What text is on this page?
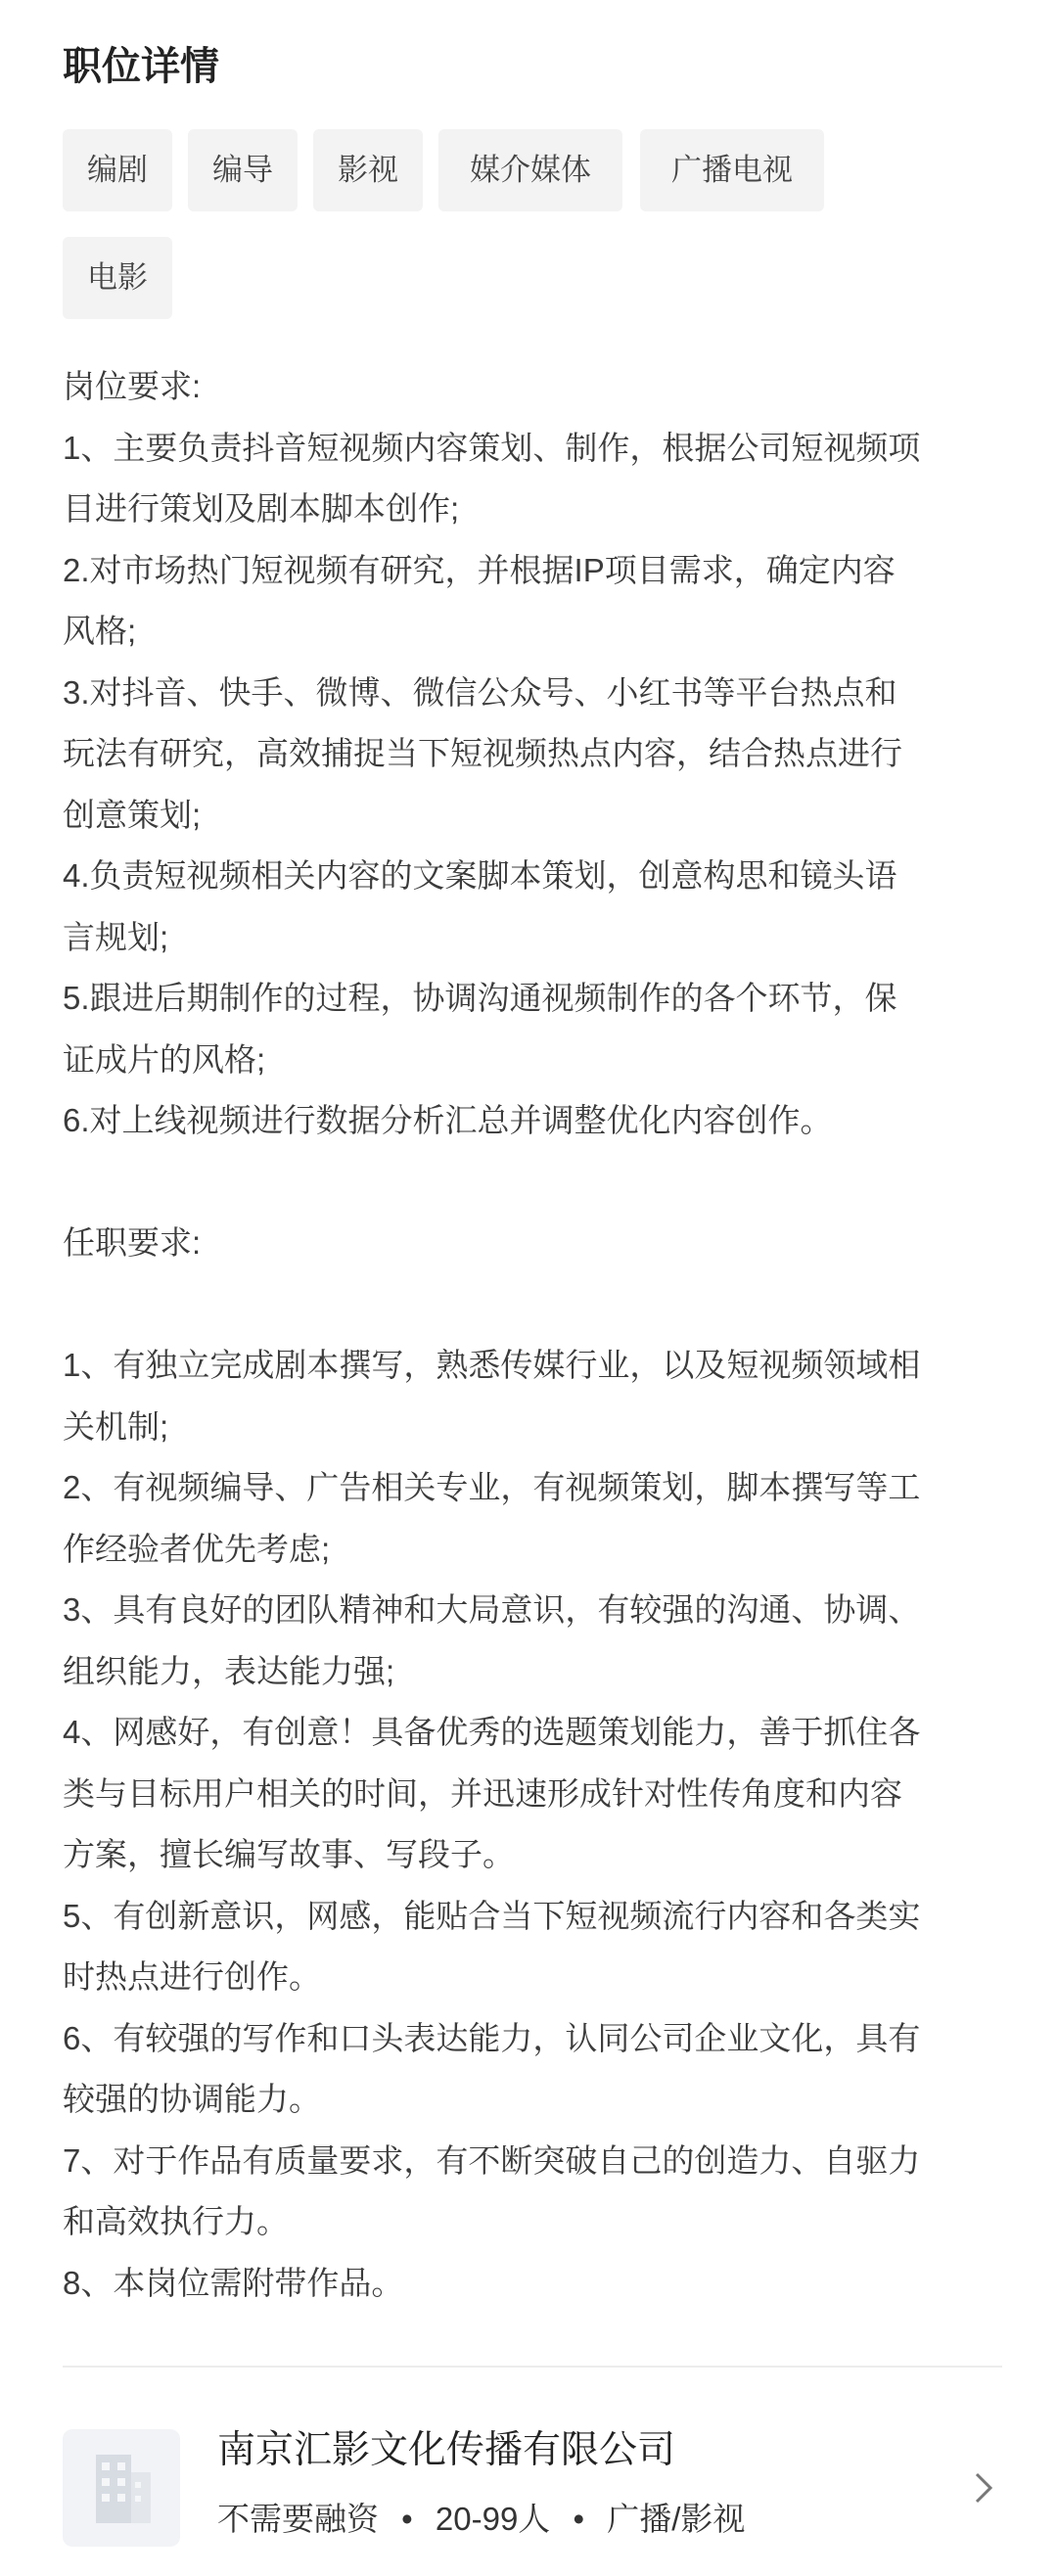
职位详情
编剧	编导	影视	媒介媒体	广播电视
电影
岗位要求:
1、主要负责抖音短视频内容策划、制作，根据公司短视频项
目进行策划及剧本脚本创作;
2.对市场热门短视频有研究，并根据IP项目需求，确定内容
风格;
3.对抖音、快手、微博、微信公众号、小红书等平台热点和
玩法有研究，高效捕捉当下短视频热点内容，结合热点进行
创意策划;
4.负责短视频相关内容的文案脚本策划，创意构思和镜头语
言规划;
5.跟进后期制作的过程，协调沟通视频制作的各个环节，保
证成片的风格;
6.对上线视频进行数据分析汇总并调整优化内容创作。
任职要求:
1、有独立完成剧本撰写，熟悉传媒行业，以及短视频领域相
关机制;
2、有视频编导、广告相关专业，有视频策划，脚本撰写等工
作经验者优先考虑;
3、具有良好的团队精神和大局意识，有较强的沟通、协调、
组织能力，表达能力强;
4、网感好，有创意！具备优秀的选题策划能力，善于抓住各
类与目标用户相关的时间，并迅速形成针对性传角度和内容
方案，擅长编写故事、写段子。
5、有创新意识，网感，能贴合当下短视频流行内容和各类实
时热点进行创作。
6、有较强的写作和口头表达能力，认同公司企业文化，具有
较强的协调能力。
7、对于作品有质量要求，有不断突破自己的创造力、自驱力
和高效执行力。
8、本岗位需附带作品。
南京汇影文化传播有限公司
不需要融资 • 20-99人 • 广播/影视
